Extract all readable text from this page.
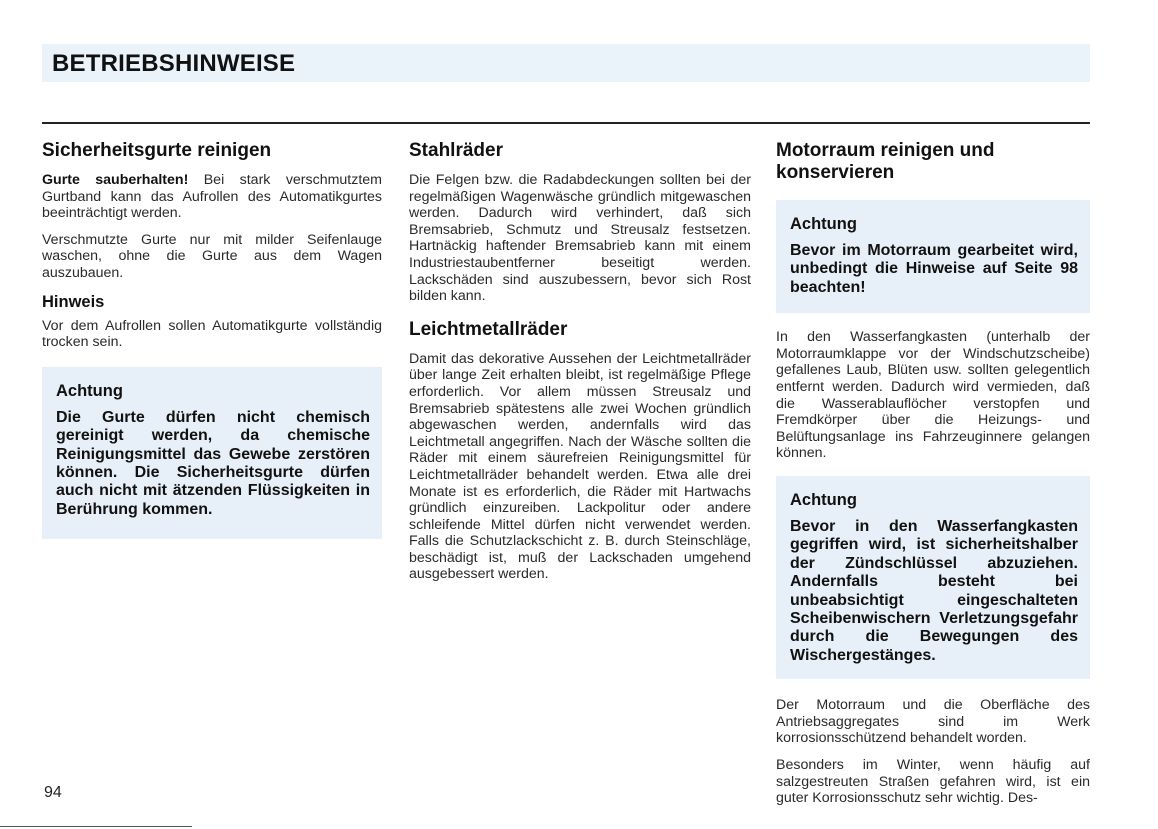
BETRIEBSHINWEISE
Sicherheitsgurte reinigen

Gurte sauberhalten! Bei stark verschmutztem Gurtband kann das Aufrollen des Automatikgurtes beeinträchtigt werden.

Verschmutzte Gurte nur mit milder Seifenlauge waschen, ohne die Gurte aus dem Wagen auszubauen.

Hinweis

Vor dem Aufrollen sollen Automatikgurte vollständig trocken sein.

Achtung
Die Gurte dürfen nicht chemisch gereinigt werden, da chemische Reinigungsmittel das Gewebe zerstören können. Die Sicherheitsgurte dürfen auch nicht mit ätzenden Flüssigkeiten in Berührung kommen.
Stahlräder

Die Felgen bzw. die Radabdeckungen sollten bei der regelmäßigen Wagenwäsche gründlich mitgewaschen werden. Dadurch wird verhindert, daß sich Bremsabrieb, Schmutz und Streusalz festsetzen. Hartnäckig haftender Bremsabrieb kann mit einem Industriestaubentferner beseitigt werden. Lackschäden sind auszubessern, bevor sich Rost bilden kann.

Leichtmetallräder

Damit das dekorative Aussehen der Leichtmetallräder über lange Zeit erhalten bleibt, ist regelmäßige Pflege erforderlich. Vor allem müssen Streusalz und Bremsabrieb spätestens alle zwei Wochen gründlich abgewaschen werden, andernfalls wird das Leichtmetall angegriffen. Nach der Wäsche sollten die Räder mit einem säurefreien Reinigungsmittel für Leichtmetallräder behandelt werden. Etwa alle drei Monate ist es erforderlich, die Räder mit Hartwachs gründlich einzureiben. Lackpolitur oder andere schleifende Mittel dürfen nicht verwendet werden. Falls die Schutzlackschicht z. B. durch Steinschläge, beschädigt ist, muß der Lackschaden umgehend ausgebessert werden.

Motorraum reinigen und konservieren
Achtung
Bevor im Motorraum gearbeitet wird, unbedingt die Hinweise auf Seite 98 beachten!

In den Wasserfangkasten (unterhalb der Motorraumklappe vor der Windschutzscheibe) gefallenes Laub, Blüten usw. sollten gelegentlich entfernt werden. Dadurch wird vermieden, daß die Wasserablauflöcher verstopfen und Fremdkörper über die Heizungs- und Belüftungsanlage ins Fahrzeuginnere gelangen können.

Achtung
Bevor in den Wasserfangkasten gegriffen wird, ist sicherheitshalber der Zündschlüssel abzuziehen. Andernfalls besteht bei unbeabsichtigt eingeschalteten Scheibenwischern Verletzungsgefahr durch die Bewegungen des Wischergestänges.

Der Motorraum und die Oberfläche des Antriebsaggregates sind im Werk korrosionsschützend behandelt worden.

Besonders im Winter, wenn häufig auf salzgestreuten Straßen gefahren wird, ist ein guter Korrosionsschutz sehr wichtig. Des-

94
